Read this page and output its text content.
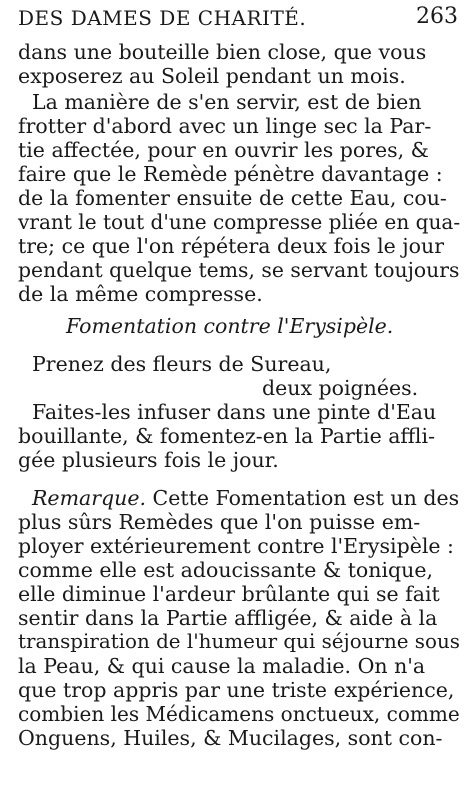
DES DAMES DE CHARITÉ.	263
dans une bouteille bien close, que vous
exposerez au Soleil pendant un mois.
La manière de s'en servir, est de bien
frotter d'abord avec un linge sec la Par-
tie affectée, pour en ouvrir les pores, &
faire que le Remède pénètre davantage :
de la fomenter ensuite de cette Eau, cou-
vrant le tout d'une compresse pliée en qua-
tre; ce que l'on répétera deux fois le jour
pendant quelque tems, se servant toujours
de la même compresse.
Fomentation contre l'Erysipèle.
Prenez des fleurs de Sureau,
deux poignées.
Faites-les infuser dans une pinte d'Eau
bouillante, & fomentez-en la Partie affli-
gée plusieurs fois le jour.
Remarque. Cette Fomentation est un des
plus sûrs Remèdes que l'on puisse em-
ployer extérieurement contre l'Erysipèle :
comme elle est adoucissante & tonique,
elle diminue l'ardeur brûlante qui se fait
sentir dans la Partie affligée, & aide à la
transpiration de l'humeur qui séjourne sous
la Peau, & qui cause la maladie. On n'a
que trop appris par une triste expérience,
combien les Médicamens onctueux, comme
Onguens, Huiles, & Mucilages, sont con-
